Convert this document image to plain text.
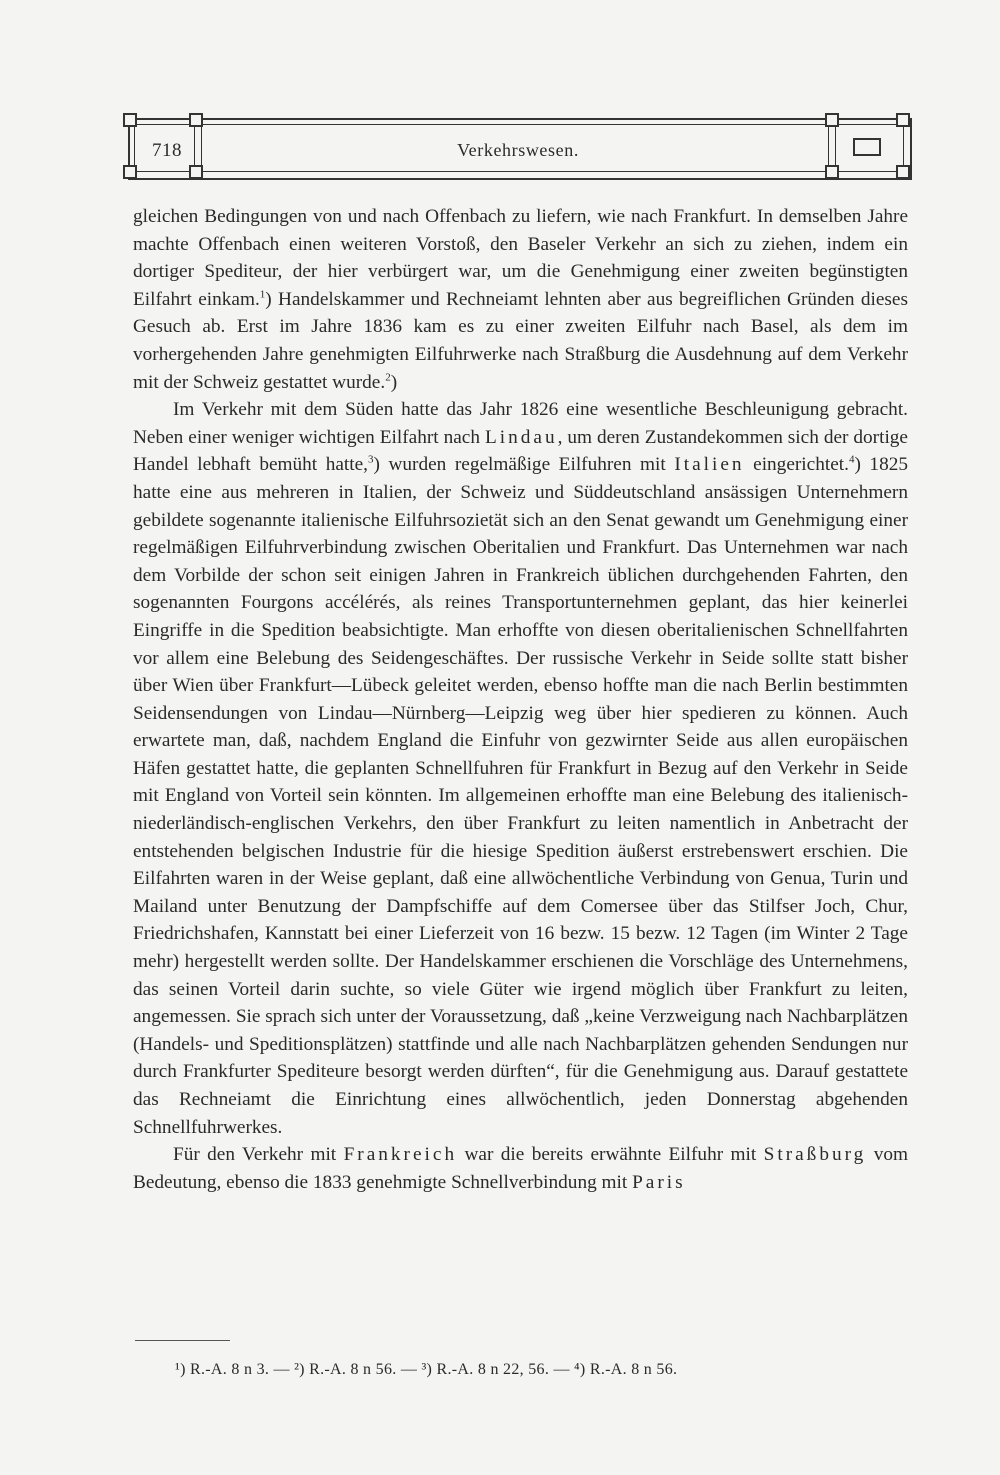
718	Verkehrswesen.

gleichen Bedingungen von und nach Offenbach zu liefern, wie nach Frankfurt. In demselben Jahre machte Offenbach einen weiteren Vorstoß, den Baseler Verkehr an sich zu ziehen, indem ein dortiger Spediteur, der hier verbürgert war, um die Genehmigung einer zweiten begünstigten Eilfahrt einkam.$^1$) Handelskammer und Rechneiamt lehnten aber aus begreiflichen Gründen dieses Gesuch ab. Erst im Jahre 1836 kam es zu einer zweiten Eilfuhr nach Basel, als dem im vorhergehenden Jahre genehmigten Eilfuhrwerke nach Straßburg die Ausdehnung auf dem Verkehr mit der Schweiz gestattet wurde.$^2$)

Im Verkehr mit dem Süden hatte das Jahr 1826 eine wesentliche Beschleunigung gebracht. Neben einer weniger wichtigen Eilfahrt nach Lindau, um deren Zustandekommen sich der dortige Handel lebhaft bemüht hatte,$^3$) wurden regelmäßige Eilfuhren mit Italien eingerichtet.$^4$) 1825 hatte eine aus mehreren in Italien, der Schweiz und Süddeutschland ansässigen Unternehmern gebildete sogenannte italienische Eilfuhrsozietät sich an den Senat gewandt um Genehmigung einer regelmäßigen Eilfuhrverbindung zwischen Oberitalien und Frankfurt. Das Unternehmen war nach dem Vorbilde der schon seit einigen Jahren in Frankreich üblichen durchgehenden Fahrten, den sogenannten Fourgons accélérés, als reines Transportunternehmen geplant, das hier keinerlei Eingriffe in die Spedition beabsichtigte. Man erhoffte von diesen oberitalienischen Schnellfahrten vor allem eine Belebung des Seidengeschäftes. Der russische Verkehr in Seide sollte statt bisher über Wien über Frankfurt—Lübeck geleitet werden, ebenso hoffte man die nach Berlin bestimmten Seidensendungen von Lindau—Nürnberg—Leipzig weg über hier spedieren zu können. Auch erwartete man, daß, nachdem England die Einfuhr von gezwirnter Seide aus allen europäischen Häfen gestattet hatte, die geplanten Schnellfuhren für Frankfurt in Bezug auf den Verkehr in Seide mit England von Vorteil sein könnten. Im allgemeinen erhoffte man eine Belebung des italienisch-niederländisch-englischen Verkehrs, den über Frankfurt zu leiten namentlich in Anbetracht der entstehenden belgischen Industrie für die hiesige Spedition äußerst erstrebenswert erschien. Die Eilfahrten waren in der Weise geplant, daß eine allwöchentliche Verbindung von Genua, Turin und Mailand unter Benutzung der Dampfschiffe auf dem Comersee über das Stilfser Joch, Chur, Friedrichshafen, Kannstatt bei einer Lieferzeit von 16 bezw. 15 bezw. 12 Tagen (im Winter 2 Tage mehr) hergestellt werden sollte. Der Handelskammer erschienen die Vorschläge des Unternehmens, das seinen Vorteil darin suchte, so viele Güter wie irgend möglich über Frankfurt zu leiten, angemessen. Sie sprach sich unter der Voraussetzung, daß „keine Verzweigung nach Nachbarplätzen (Handels- und Speditionsplätzen) stattfinde und alle nach Nachbarplätzen gehenden Sendungen nur durch Frankfurter Spediteure besorgt werden dürften“, für die Genehmigung aus. Darauf gestattete das Rechneiamt die Einrichtung eines allwöchentlich, jeden Donnerstag abgehenden Schnellfuhrwerkes.

Für den Verkehr mit Frankreich war die bereits erwähnte Eilfuhr mit Straßburg vom Bedeutung, ebenso die 1833 genehmigte Schnellverbindung mit Paris

¹) R.-A. 8 n 3. — ²) R.-A. 8 n 56. — ³) R.-A. 8 n 22, 56. — ⁴) R.-A. 8 n 56.
